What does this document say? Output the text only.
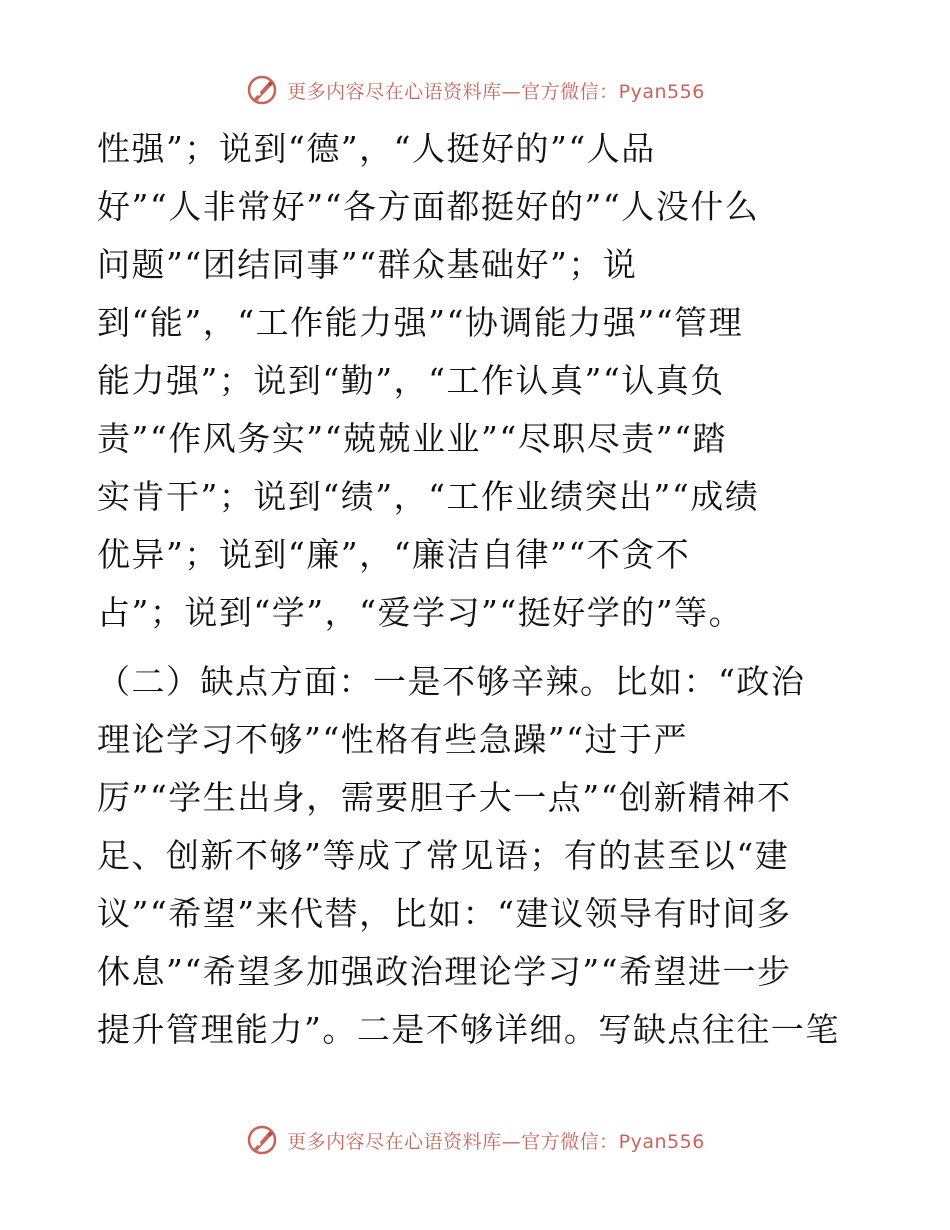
更多内容尽在心语资料库—官方微信：Pyan556
性强”；说到“德”，“人挺好的”“人品
好”“人非常好”“各方面都挺好的”“人没什么
问题”“团结同事”“群众基础好”；说
到“能”，“工作能力强”“协调能力强”“管理
能力强”；说到“勤”，“工作认真”“认真负
责”“作风务实”“兢兢业业”“尽职尽责”“踏
实肯干”；说到“绩”，“工作业绩突出”“成绩
优异”；说到“廉”，“廉洁自律”“不贪不
占”；说到“学”，“爱学习”“挺好学的”等。
（二）缺点方面：一是不够辛辣。比如：“政治
理论学习不够”“性格有些急躁”“过于严
厉”“学生出身，需要胆子大一点”“创新精神不
足、创新不够”等成了常见语；有的甚至以“建
议”“希望”来代替，比如：“建议领导有时间多
休息”“希望多加强政治理论学习”“希望进一步
提升管理能力”。二是不够详细。写缺点往往一笔
更多内容尽在心语资料库—官方微信：Pyan556
